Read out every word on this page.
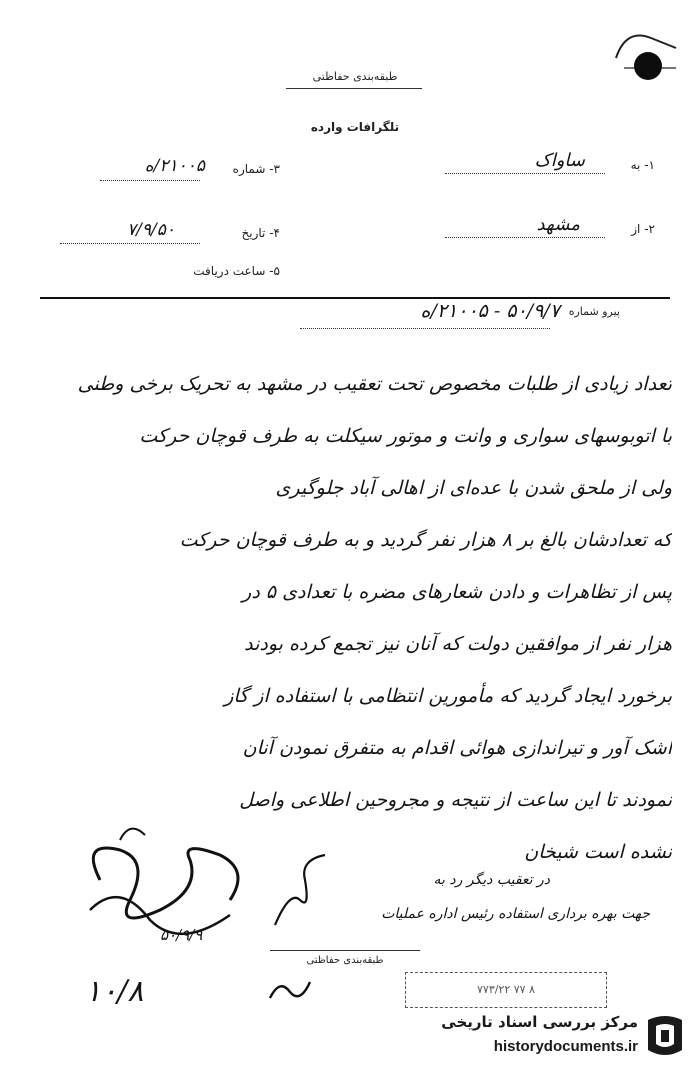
طبقه‌بندی حفاظتی
تلگرافات وارده
۱- به
ساواک
۲- از
مشهد
۳- شماره
۲۱۰۰۵/ه
۴- تاریخ
۷/۹/۵۰
۵- ساعت دریافت
پیرو شماره
۵۰/۹/۷ - ۲۱۰۰۵/ه
تعداد زیادی از طلبات مخصوص تحت تعقیب در مشهد به تحریک برخی وطنی
با اتوبوسهای سواری و وانت و موتور سیکلت به طرف قوچان حرکت
ولی از ملحق شدن با عده‌ای از اهالی آباد جلوگیری
که تعدادشان بالغ بر ۸ هزار نفر گردید و به طرف قوچان حرکت
پس از تظاهرات و دادن شعارهای مضره با تعدادی ۵ در
هزار نفر از موافقین دولت که آنان نیز تجمع کرده بودند
برخورد ایجاد گردید که مأمورین انتظامی با استفاده از گاز
اشک آور و تیراندازی هوائی اقدام به متفرق نمودن آنان
نمودند تا این ساعت از نتیجه و مجروحین اطلاعی واصل
نشده است شیخان
۵۰/۹/۹
در تعقیب دیگر رد به
جهت بهره برداری استفاده رئیس اداره عملیات
طبقه‌بندی حفاظتی
۷۷۳/۲۲ ۷۷ ۸
۱۰/۸
مرکز بررسی اسناد تاریخی
historydocuments.ir
